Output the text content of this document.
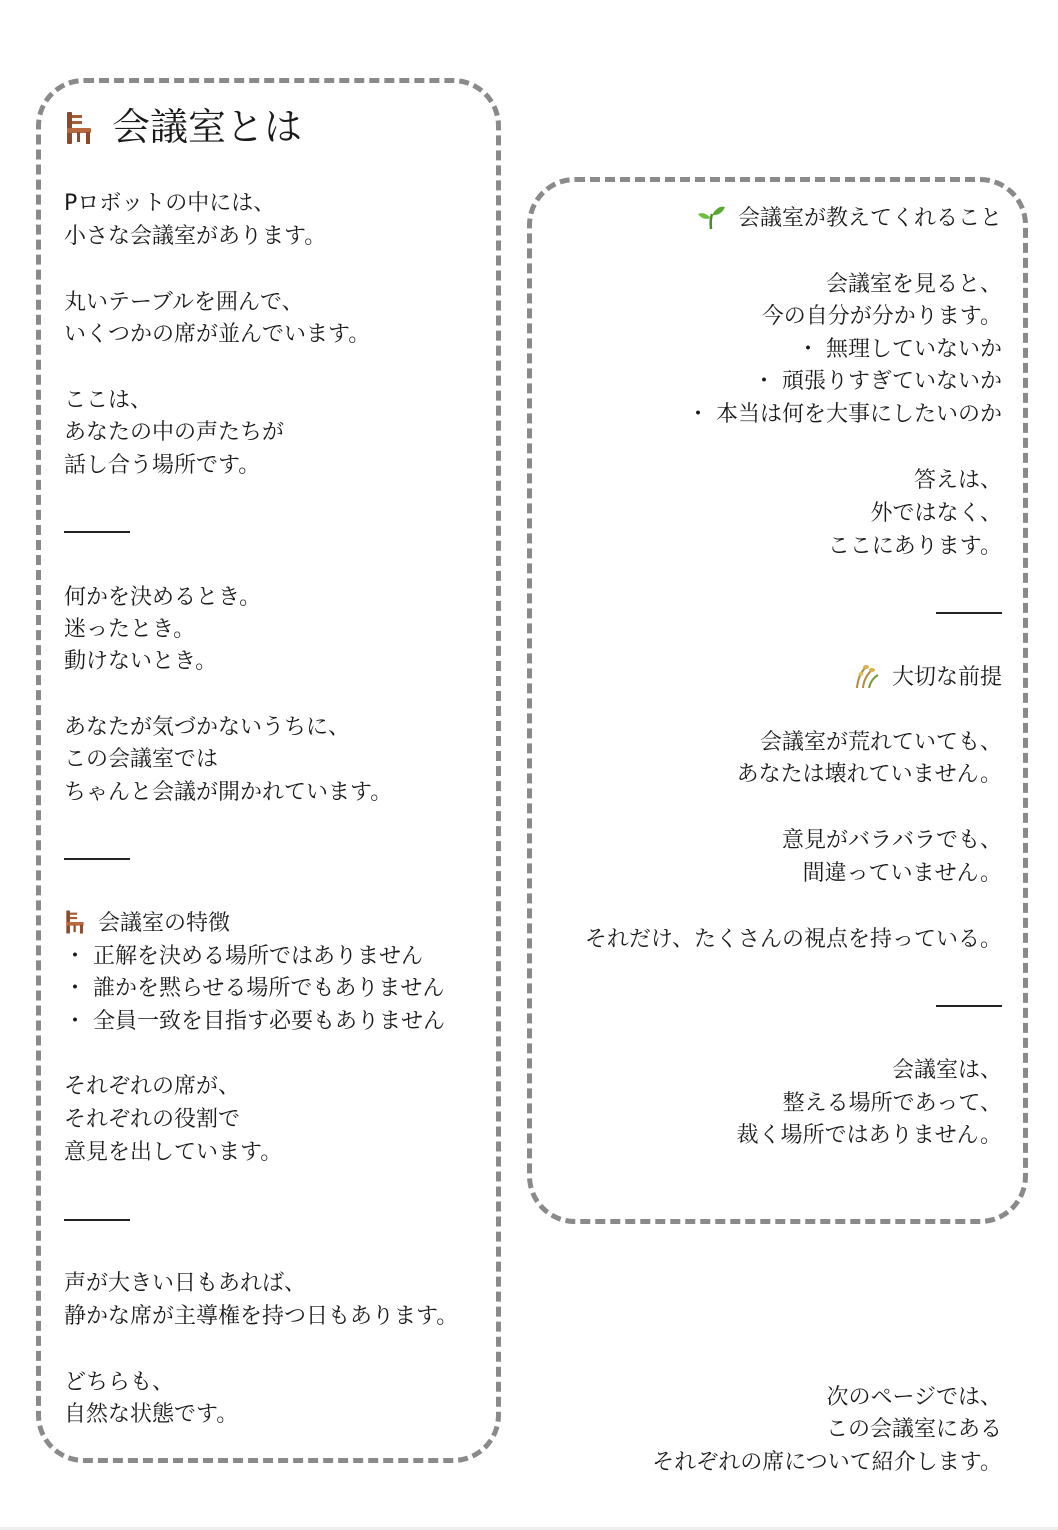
会議室とは
Pロボットの中には、
小さな会議室があります。
丸いテーブルを囲んで、
いくつかの席が並んでいます。
ここは、
あなたの中の声たちが
話し合う場所です。
何かを決めるとき。
迷ったとき。
動けないとき。
あなたが気づかないうちに、
この会議室では
ちゃんと会議が開かれています。
会議室の特徴
・ 正解を決める場所ではありません
・ 誰かを黙らせる場所でもありません
・ 全員一致を目指す必要もありません
それぞれの席が、
それぞれの役割で
意見を出しています。
声が大きい日もあれば、
静かな席が主導権を持つ日もあります。
どちらも、
自然な状態です。
会議室が教えてくれること
会議室を見ると、
今の自分が分かります。
・ 無理していないか
・ 頑張りすぎていないか
・ 本当は何を大事にしたいのか
答えは、
外ではなく、
ここにあります。
大切な前提
会議室が荒れていても、
あなたは壊れていません。
意見がバラバラでも、
間違っていません。
それだけ、たくさんの視点を持っている。
会議室は、
整える場所であって、
裁く場所ではありません。
次のページでは、
この会議室にある
それぞれの席について紹介します。
